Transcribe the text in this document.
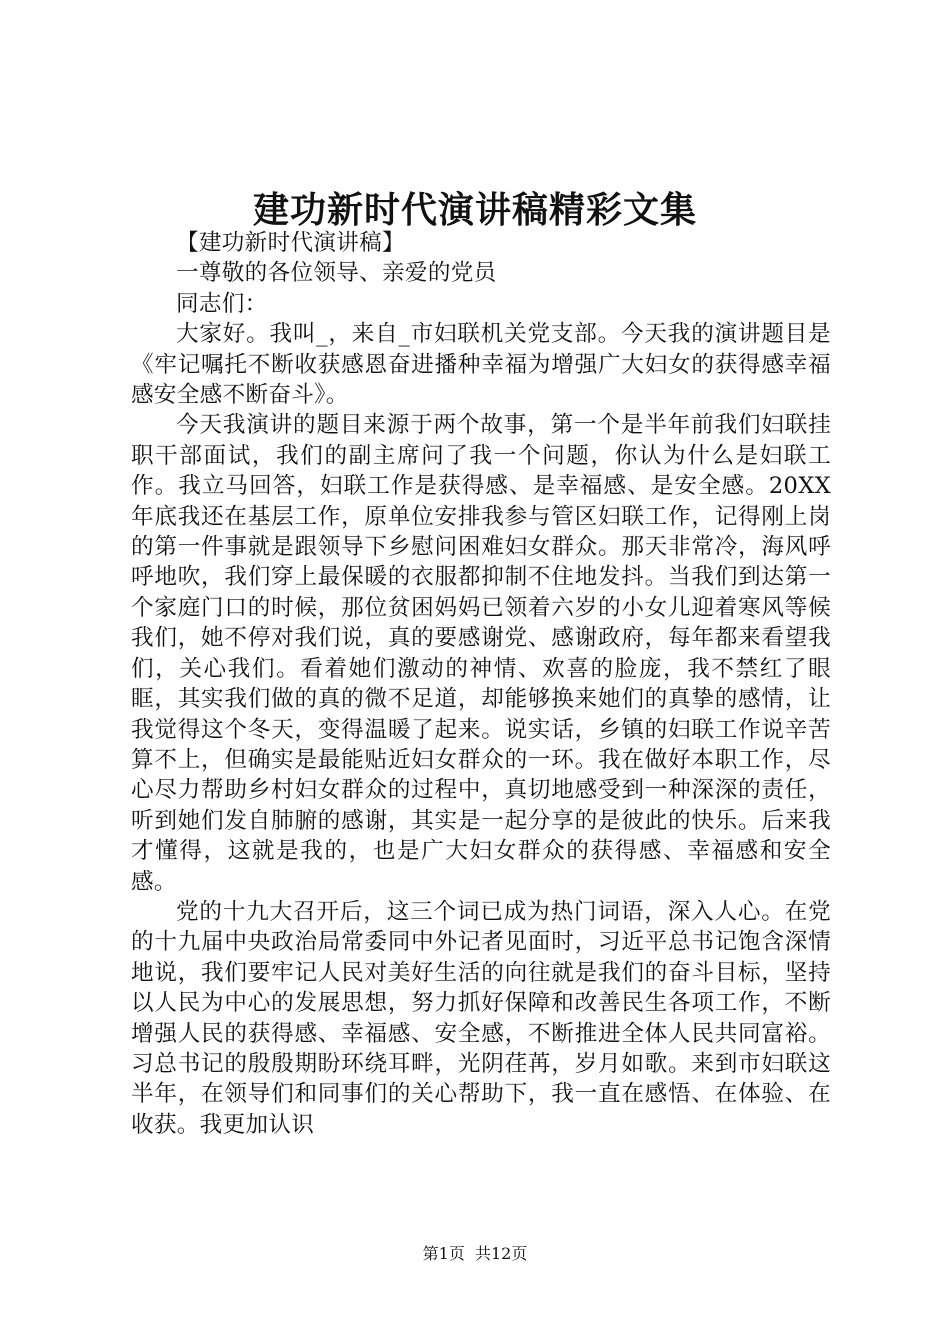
建功新时代演讲稿精彩文集

【建功新时代演讲稿】

一尊敬的各位领导、亲爱的党员

同志们：

大家好。我叫_，来自_市妇联机关党支部。今天我的演讲题目是《牢记嘱托不断收获感恩奋进播种幸福为增强广大妇女的获得感幸福感安全感不断奋斗》。

今天我演讲的题目来源于两个故事，第一个是半年前我们妇联挂职干部面试，我们的副主席问了我一个问题，你认为什么是妇联工作。我立马回答，妇联工作是获得感、是幸福感、是安全感。20XX年底我还在基层工作，原单位安排我参与管区妇联工作，记得刚上岗的第一件事就是跟领导下乡慰问困难妇女群众。那天非常冷，海风呼呼地吹，我们穿上最保暖的衣服都抑制不住地发抖。当我们到达第一个家庭门口的时候，那位贫困妈妈已领着六岁的小女儿迎着寒风等候我们，她不停对我们说，真的要感谢党、感谢政府，每年都来看望我们，关心我们。看着她们激动的神情、欢喜的脸庞，我不禁红了眼眶，其实我们做的真的微不足道，却能够换来她们的真挚的感情，让我觉得这个冬天，变得温暖了起来。说实话，乡镇的妇联工作说辛苦算不上，但确实是最能贴近妇女群众的一环。我在做好本职工作，尽心尽力帮助乡村妇女群众的过程中，真切地感受到一种深深的责任，听到她们发自肺腑的感谢，其实是一起分享的是彼此的快乐。后来我才懂得，这就是我的，也是广大妇女群众的获得感、幸福感和安全感。

党的十九大召开后，这三个词已成为热门词语，深入人心。在党的十九届中央政治局常委同中外记者见面时，习近平总书记饱含深情地说，我们要牢记人民对美好生活的向往就是我们的奋斗目标，坚持以人民为中心的发展思想，努力抓好保障和改善民生各项工作，不断增强人民的获得感、幸福感、安全感，不断推进全体人民共同富裕。习总书记的殷殷期盼环绕耳畔，光阴荏苒，岁月如歌。来到市妇联这半年，在领导们和同事们的关心帮助下，我一直在感悟、在体验、在收获。我更加认识

第1页  共12页
